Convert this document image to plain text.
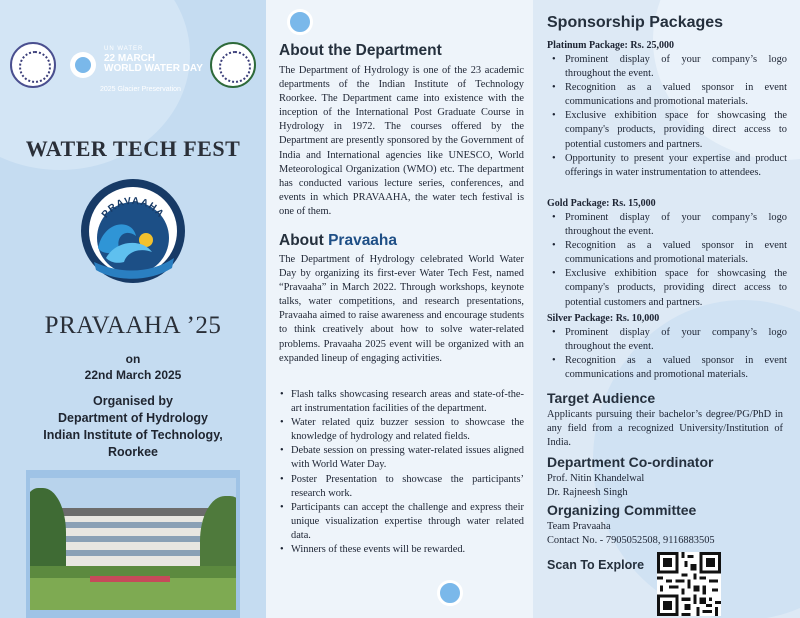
UN WATER
22 MARCH
WORLD WATER DAY
2025 Glacier Preservation
WATER TECH FEST
PRAVAAHA
PRAVAAHA ’25
on
22nd March 2025
Organised by
Department of Hydrology
Indian Institute of Technology,
Roorkee
About the Department

The Department of Hydrology is one of the 23 academic departments of the Indian Institute of Technology Roorkee. The Department came into existence with the inception of the International Post Graduate Course in Hydrology in 1972. The courses offered by the Department are presently sponsored by the Government of India and International agencies like UNESCO, World Meteorological Organization (WMO) etc. The department has conducted various lecture series, conferences, and events in which PRAVAAHA, the water tech festival is one of them.

About Pravaaha

The Department of Hydrology celebrated World Water Day by organizing its first-ever Water Tech Fest, named “Pravaaha” in March 2022. Through workshops, keynote talks, water competitions, and research presentations, Pravaaha aimed to raise awareness and encourage students to think creatively about how to solve water-related problems. Pravaaha 2025 event will be organized with an expanded lineup of engaging activities.

• Flash talks showcasing research areas and state-of-the-art instrumentation facilities of the department.
• Water related quiz buzzer session to showcase the knowledge of hydrology and related fields.
• Debate session on pressing water-related issues aligned with World Water Day.
• Poster Presentation to showcase the participants’ research work.
• Participants can accept the challenge and express their unique visualization expertise through water related data.
• Winners of these events will be rewarded.
Sponsorship Packages
Platinum Package: Rs. 25,000
• Prominent display of your company’s logo throughout the event.
• Recognition as a valued sponsor in event communications and promotional materials.
• Exclusive exhibition space for showcasing the company's products, providing direct access to potential customers and partners.
• Opportunity to present your expertise and product offerings in water instrumentation to attendees.
Gold Package: Rs. 15,000
• Prominent display of your company’s logo throughout the event.
• Recognition as a valued sponsor in event communications and promotional materials.
• Exclusive exhibition space for showcasing the company's products, providing direct access to potential customers and partners.
Silver Package: Rs. 10,000
• Prominent display of your company’s logo throughout the event.
• Recognition as a valued sponsor in event communications and promotional materials.
Target Audience

Applicants pursuing their bachelor’s degree/PG/PhD in any field from a recognized University/Institution of India.

Department Co-ordinator
Prof. Nitin Khandelwal
Dr. Rajneesh Singh
Organizing Committee
Team Pravaaha
Contact No. - 7905052508, 9116883505
Scan To Explore
